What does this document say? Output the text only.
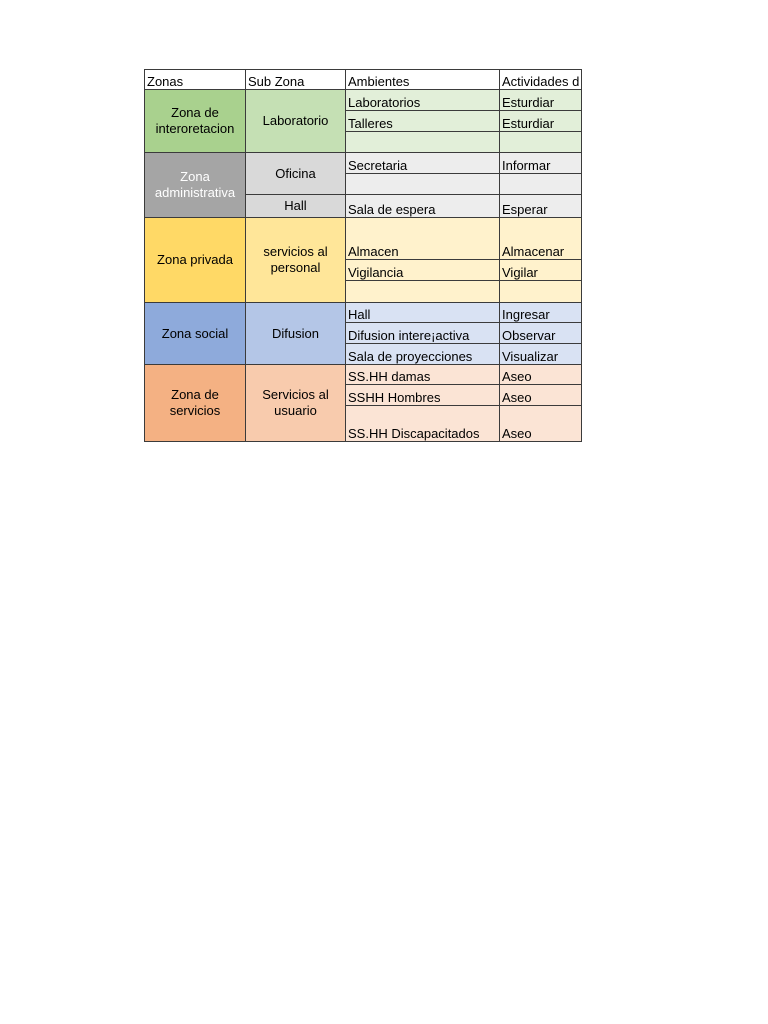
Zonas	Sub Zona	Ambientes	Actividades d
Zona de interoretacion	Laboratorio	Laboratorios	Esturdiar
		Talleres	Esturdiar

Zona administrativa	Oficina	Secretaria	Informar

	Hall	Sala de espera	Esperar
Zona privada	servicios al personal	Almacen	Almacenar
		Vigilancia	Vigilar

Zona social	Difusion	Hall	Ingresar
		Difusion intere¡activa	Observar
		Sala de proyecciones	Visualizar
Zona de servicios	Servicios al usuario	SS.HH damas	Aseo
		SSHH Hombres	Aseo
		SS.HH Discapacitados	Aseo
